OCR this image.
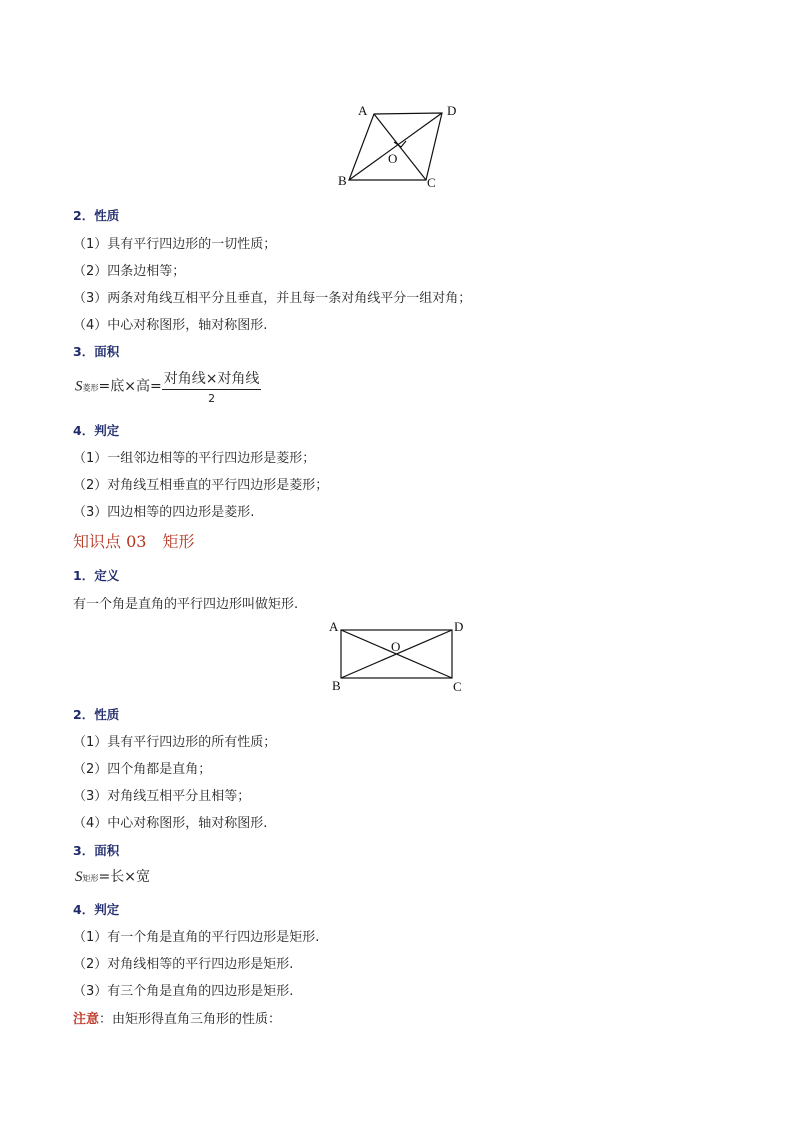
A	D
B	C
O
2．性质
（1）具有平行四边形的一切性质；
（2）四条边相等；
（3）两条对角线互相平分且垂直，并且每一条对角线平分一组对角；
（4）中心对称图形，轴对称图形.
3．面积
S菱形=底×高= $\frac{\text{对角线×对角线}}{2}$
4．判定
（1）一组邻边相等的平行四边形是菱形；
（2）对角线互相垂直的平行四边形是菱形；
（3）四边相等的四边形是菱形.
知识点 03　矩形
1．定义
有一个角是直角的平行四边形叫做矩形.
A	D
B	C
O
2．性质
（1）具有平行四边形的所有性质；
（2）四个角都是直角；
（3）对角线互相平分且相等；
（4）中心对称图形，轴对称图形.
3．面积
S矩形=长×宽
4．判定
（1）有一个角是直角的平行四边形是矩形.
（2）对角线相等的平行四边形是矩形.
（3）有三个角是直角的四边形是矩形.
注意：由矩形得直角三角形的性质：
